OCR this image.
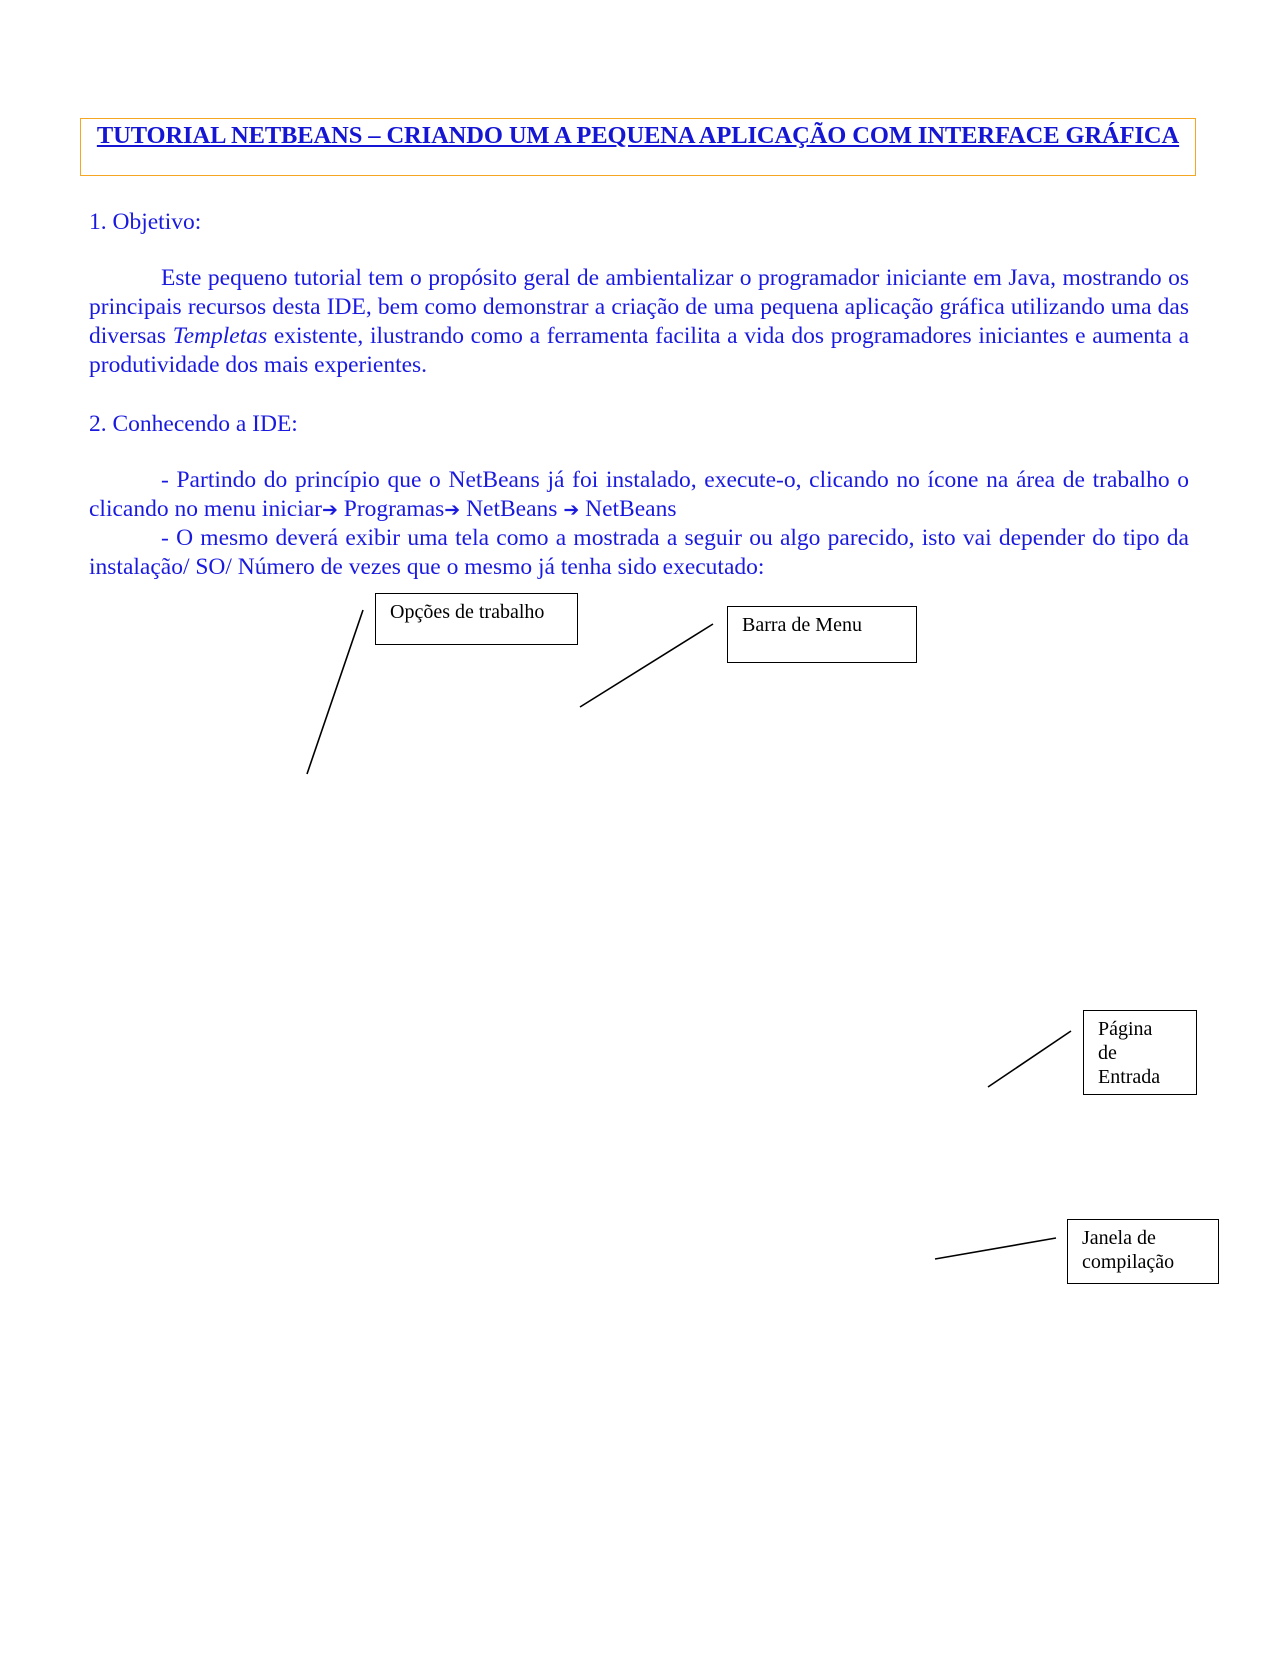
TUTORIAL NETBEANS – CRIANDO UM A PEQUENA APLICAÇÃO COM INTERFACE GRÁFICA
1. Objetivo:
Este pequeno tutorial tem o propósito geral de ambientalizar o programador iniciante em Java, mostrando os principais recursos desta IDE, bem como demonstrar a criação de uma pequena aplicação gráfica utilizando uma das diversas Templetas existente, ilustrando como a ferramenta facilita a vida dos programadores iniciantes e aumenta a produtividade dos mais experientes.
2. Conhecendo a IDE:
- Partindo do princípio que o NetBeans já foi instalado, execute-o, clicando no ícone na área de trabalho o clicando no menu iniciar➔ Programas➔ NetBeans ➔ NetBeans
- O mesmo deverá exibir uma tela como a mostrada a seguir ou algo parecido, isto vai depender do tipo da instalação/ SO/ Número de vezes que o mesmo já tenha sido executado:
Opções de trabalho
Barra de Menu
Página
de
Entrada
Janela de
compilação
